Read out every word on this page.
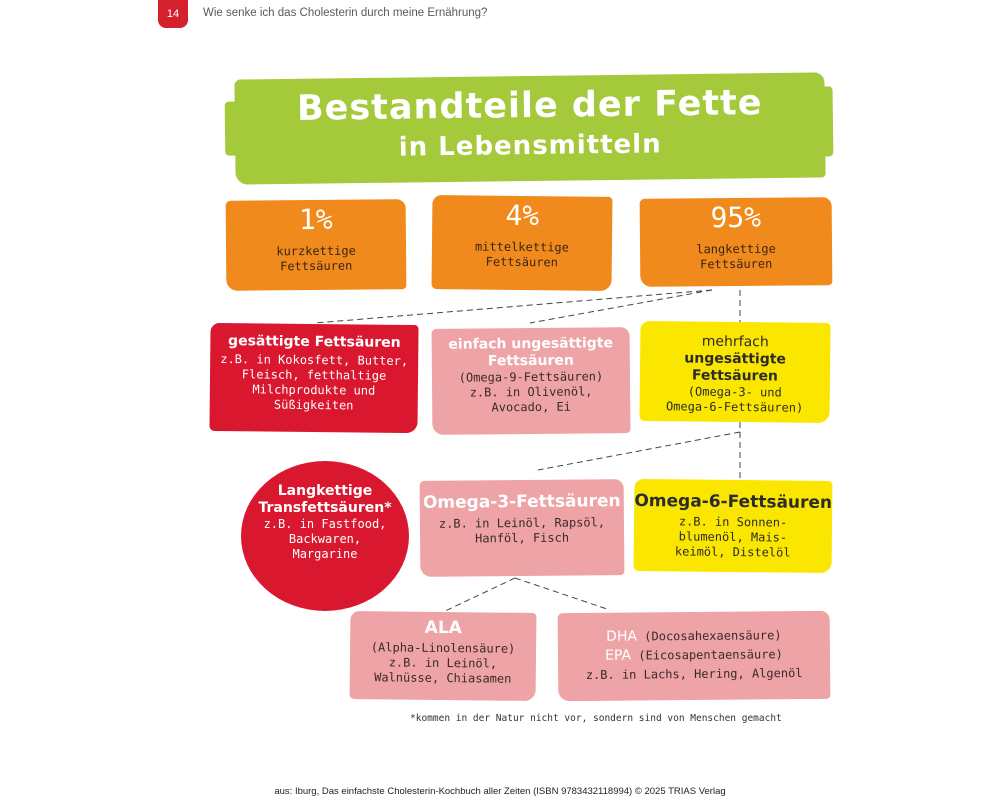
14	Wie senke ich das Cholesterin durch meine Ernährung?
Bestandteile der Fette
in Lebensmitteln
1%
kurzkettige
Fettsäuren
4%
mittelkettige
Fettsäuren
95%
langkettige
Fettsäuren
gesättigte Fettsäuren
z.B. in Kokosfett, Butter,
Fleisch, fetthaltige
Milchprodukte und
Süßigkeiten
einfach ungesättigte
Fettsäuren
(Omega-9-Fettsäuren)
z.B. in Olivenöl,
Avocado, Ei
mehrfach
ungesättigte Fettsäuren
(Omega-3- und
Omega-6-Fettsäuren)
Langkettige
Transfettsäuren*
z.B. in Fastfood,
Backwaren,
Margarine
Omega-3-Fettsäuren
z.B. in Leinöl, Rapsöl,
Hanföl, Fisch
Omega-6-Fettsäuren
z.B. in Sonnen-
blumenöl, Mais-
keimöl, Distelöl
ALA
(Alpha-Linolensäure)
z.B. in Leinöl,
Walnüsse, Chiasamen
DHA (Docosahexaensäure)
EPA (Eicosapentaensäure)
z.B. in Lachs, Hering, Algenöl
*kommen in der Natur nicht vor, sondern sind von Menschen gemacht
aus: Iburg, Das einfachste Cholesterin-Kochbuch aller Zeiten (ISBN 9783432118994) © 2025 TRIAS Verlag
